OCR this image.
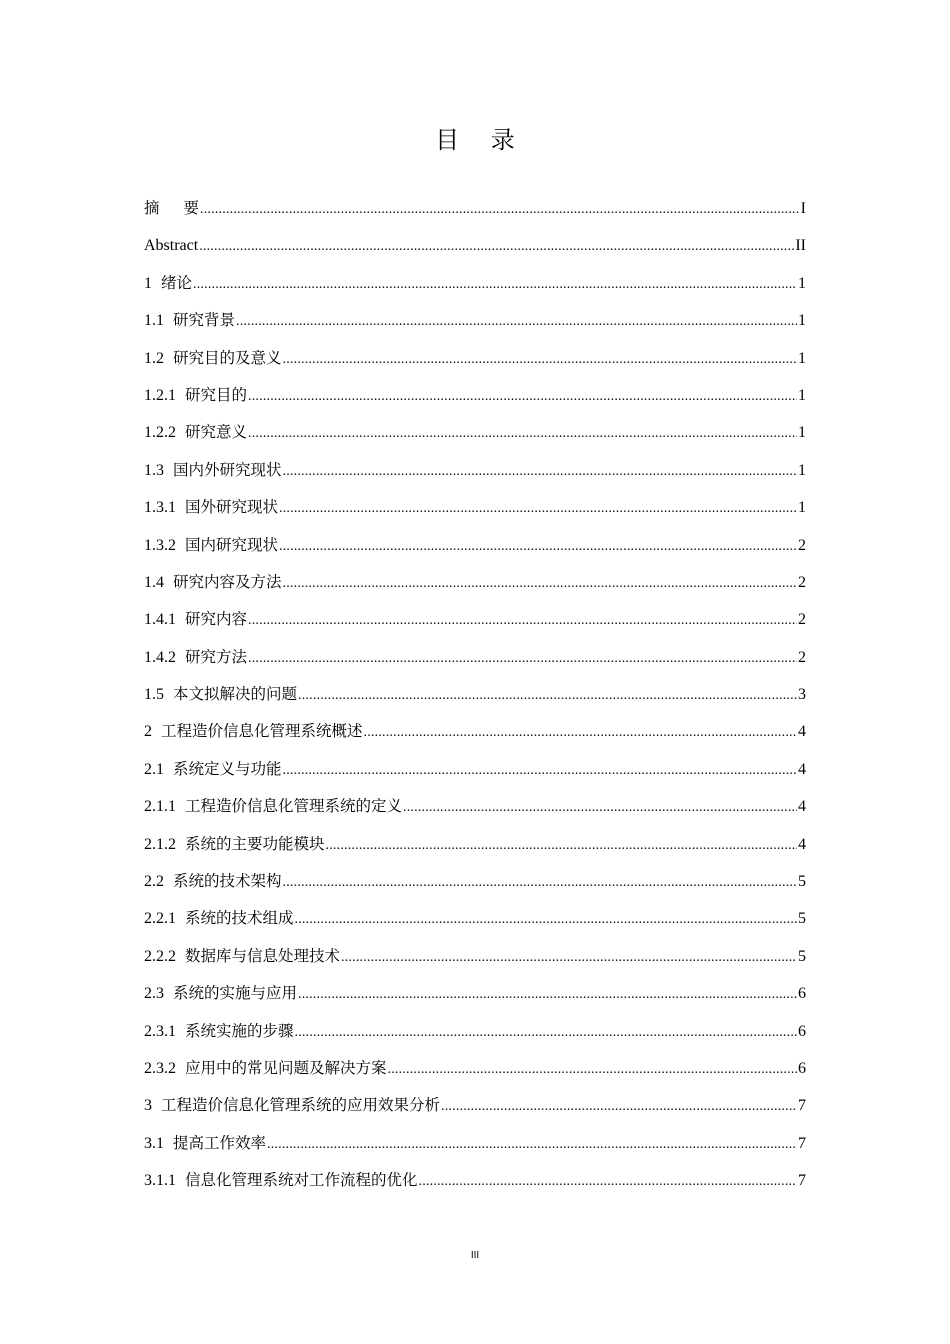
目 录
摘要 .....	I
Abstract .....	II
1 绪论 .....	1
1.1 研究背景 .....	1
1.2 研究目的及意义 .....	1
1.2.1 研究目的 .....	1
1.2.2 研究意义 .....	1
1.3 国内外研究现状 .....	1
1.3.1 国外研究现状 .....	1
1.3.2 国内研究现状 .....	2
1.4 研究内容及方法 .....	2
1.4.1 研究内容 .....	2
1.4.2 研究方法 .....	2
1.5 本文拟解决的问题 .....	3
2 工程造价信息化管理系统概述 .....	4
2.1 系统定义与功能 .....	4
2.1.1 工程造价信息化管理系统的定义 .....	4
2.1.2 系统的主要功能模块 .....	4
2.2 系统的技术架构 .....	5
2.2.1 系统的技术组成 .....	5
2.2.2 数据库与信息处理技术 .....	5
2.3 系统的实施与应用 .....	6
2.3.1 系统实施的步骤 .....	6
2.3.2 应用中的常见问题及解决方案 .....	6
3 工程造价信息化管理系统的应用效果分析 .....	7
3.1 提高工作效率 .....	7
3.1.1 信息化管理系统对工作流程的优化 .....	7
III
